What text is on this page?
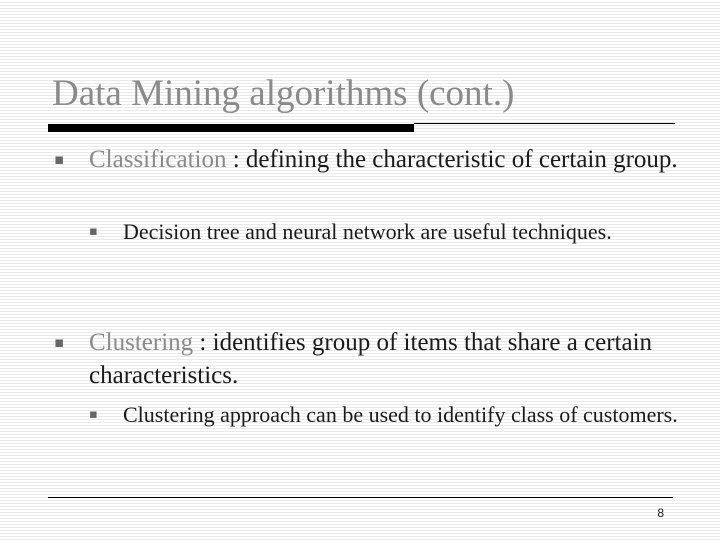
Data Mining algorithms (cont.)
▪ Classification : defining the characteristic of certain group.
▪ Decision tree and neural network are useful techniques.
▪ Clustering : identifies group of items that share a certain characteristics.
▪ Clustering approach can be used to identify class of customers.
8
